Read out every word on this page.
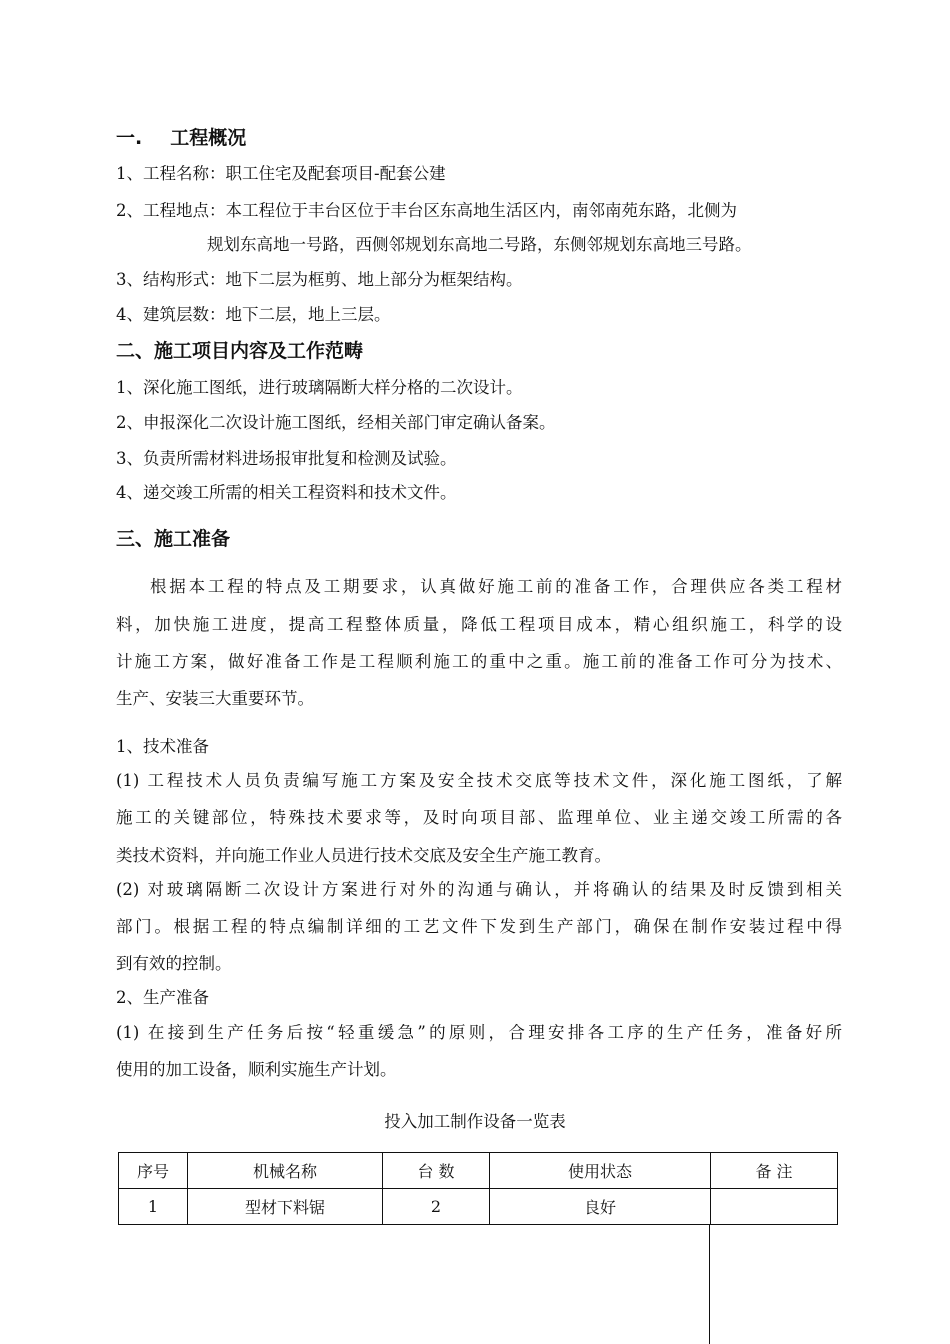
一. 工程概况
1、工程名称：职工住宅及配套项目-配套公建
2、工程地点：本工程位于丰台区位于丰台区东高地生活区内，南邻南苑东路，北侧为
规划东高地一号路，西侧邻规划东高地二号路，东侧邻规划东高地三号路。
3、结构形式：地下二层为框剪、地上部分为框架结构。
4、建筑层数：地下二层，地上三层。
二、施工项目内容及工作范畴
1、深化施工图纸，进行玻璃隔断大样分格的二次设计。
2、申报深化二次设计施工图纸，经相关部门审定确认备案。
3、负责所需材料进场报审批复和检测及试验。
4、递交竣工所需的相关工程资料和技术文件。
三、施工准备
根据本工程的特点及工期要求，认真做好施工前的准备工作，合理供应各类工程材
料，加快施工进度，提高工程整体质量，降低工程项目成本，精心组织施工，科学的设
计施工方案，做好准备工作是工程顺利施工的重中之重。施工前的准备工作可分为技术、
生产、安装三大重要环节。
1、技术准备
(1) 工程技术人员负责编写施工方案及安全技术交底等技术文件，深化施工图纸，了解
施工的关键部位，特殊技术要求等，及时向项目部、监理单位、业主递交竣工所需的各
类技术资料，并向施工作业人员进行技术交底及安全生产施工教育。
(2) 对玻璃隔断二次设计方案进行对外的沟通与确认，并将确认的结果及时反馈到相关
部门。根据工程的特点编制详细的工艺文件下发到生产部门，确保在制作安装过程中得
到有效的控制。
2、生产准备
(1) 在接到生产任务后按“轻重缓急”的原则，合理安排各工序的生产任务，准备好所
使用的加工设备，顺利实施生产计划。
投入加工制作设备一览表
序号	机械名称	台 数	使用状态	备 注
1	型材下料锯	2	良好	
